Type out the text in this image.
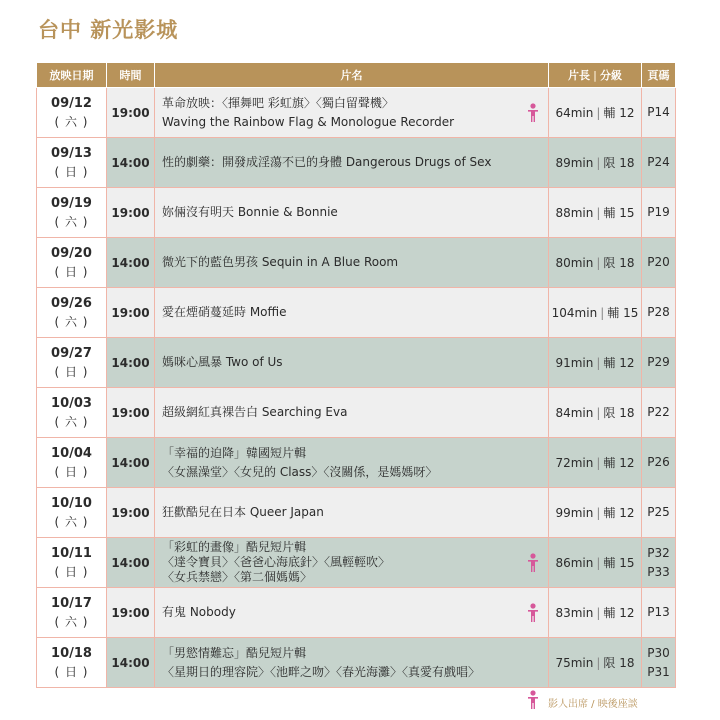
台中 新光影城
放映日期	時間	片名	片長 | 分級	頁碼

09/12
( 六 )	19:00	革命放映：〈揮舞吧 彩虹旗〉〈獨白留聲機〉
Waving the Rainbow Flag & Monologue Recorder	64min | 輔 12	P14

09/13
( 日 )	14:00	性的劇藥：開發成淫蕩不已的身體 Dangerous Drugs of Sex	89min | 限 18	P24

09/19
( 六 )	19:00	妳倆沒有明天 Bonnie & Bonnie	88min | 輔 15	P19

09/20
( 日 )	14:00	微光下的藍色男孩 Sequin in A Blue Room	80min | 限 18	P20

09/26
( 六 )	19:00	愛在煙硝蔓延時 Moffie	104min | 輔 15	P28

09/27
( 日 )	14:00	媽咪心風暴 Two of Us	91min | 輔 12	P29

10/03
( 六 )	19:00	超級網紅真裸告白 Searching Eva	84min | 限 18	P22

10/04
( 日 )	14:00	「幸福的迫降」韓國短片輯
〈女濕澡堂〉〈女兒的 Class〉〈沒關係，是媽媽呀〉	72min | 輔 12	P26

10/10
( 六 )	19:00	狂歡酷兒在日本 Queer Japan	99min | 輔 12	P25

10/11
( 日 )	14:00	「彩虹的畫像」酷兒短片輯
〈達令寶貝〉〈爸爸心海底針〉〈風輕輕吹〉
〈女兵禁戀〉〈第二個媽媽〉	86min | 輔 15	P32
P33

10/17
( 六 )	19:00	有鬼 Nobody	83min | 輔 12	P13

10/18
( 日 )	14:00	「男慾情難忘」酷兒短片輯
〈星期日的理容院〉〈池畔之吻〉〈春光海灘〉〈真愛有戲唱〉	75min | 限 18	P30
P31
影人出席 / 映後座談
